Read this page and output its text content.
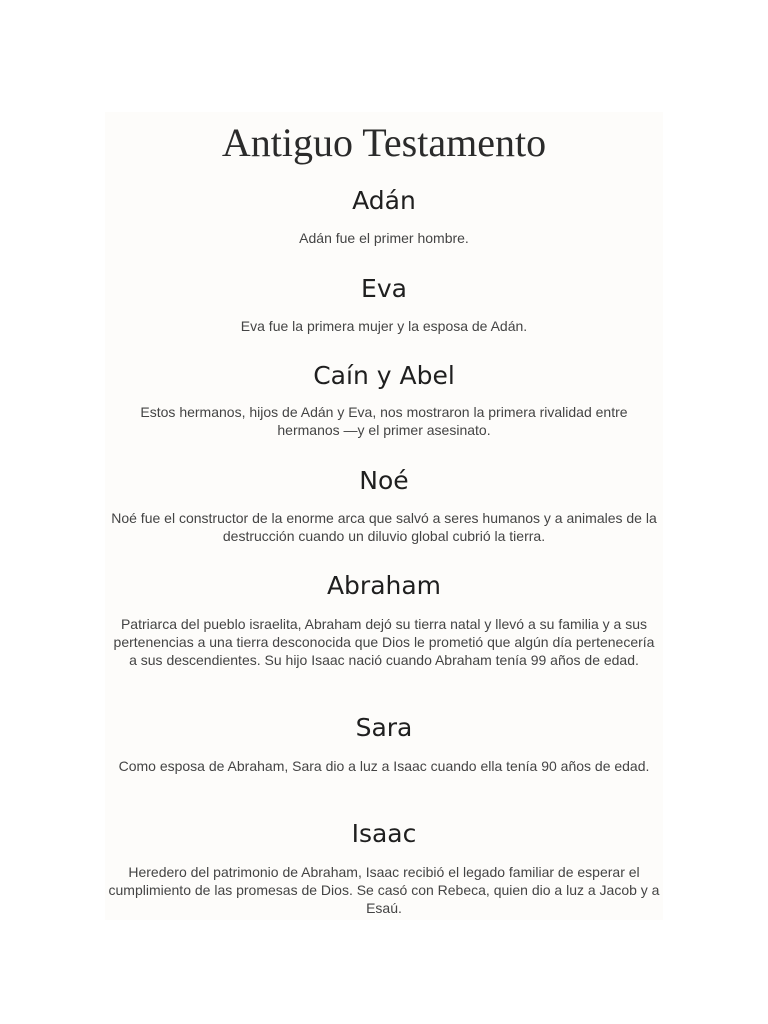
Antiguo Testamento
Adán

Adán fue el primer hombre.

Eva

Eva fue la primera mujer y la esposa de Adán.

Caín y Abel

Estos hermanos, hijos de Adán y Eva, nos mostraron la primera rivalidad entre hermanos —y el primer asesinato.

Noé

Noé fue el constructor de la enorme arca que salvó a seres humanos y a animales de la destrucción cuando un diluvio global cubrió la tierra.

Abraham

Patriarca del pueblo israelita, Abraham dejó su tierra natal y llevó a su familia y a sus pertenencias a una tierra desconocida que Dios le prometió que algún día pertenecería a sus descendientes. Su hijo Isaac nació cuando Abraham tenía 99 años de edad.

Sara

Como esposa de Abraham, Sara dio a luz a Isaac cuando ella tenía 90 años de edad.

Isaac

Heredero del patrimonio de Abraham, Isaac recibió el legado familiar de esperar el cumplimiento de las promesas de Dios. Se casó con Rebeca, quien dio a luz a Jacob y a Esaú.
